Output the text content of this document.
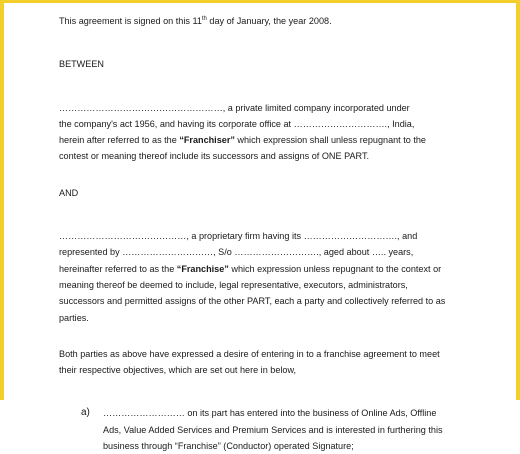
This agreement is signed on this 11th day of January, the year 2008.
BETWEEN
………………………………………………, a private limited company incorporated under
the company's act 1956, and having its corporate office at …………………………., India,
herein after referred to as the “Franchiser” which expression shall unless repugnant to the
contest or meaning thereof include its successors and assigns of ONE PART.
AND
……………………………………, a proprietary firm having its …………………………., and
represented by …………………………, S/o ………………………., aged about ….. years,
hereinafter referred to as the “Franchise” which expression unless repugnant to the context or
meaning thereof be deemed to include, legal representative, executors, administrators,
successors and permitted assigns of the other PART, each a party and collectively referred to as
parties.
Both parties as above have expressed a desire of entering in to a franchise agreement to meet
their respective objectives, which are set out here in below,
a)	……………………… on its part has entered into the business of Online Ads, Offline
Ads, Value Added Services and Premium Services and is interested in furthering this
business through “Franchise” (Conductor) operated Signature;
